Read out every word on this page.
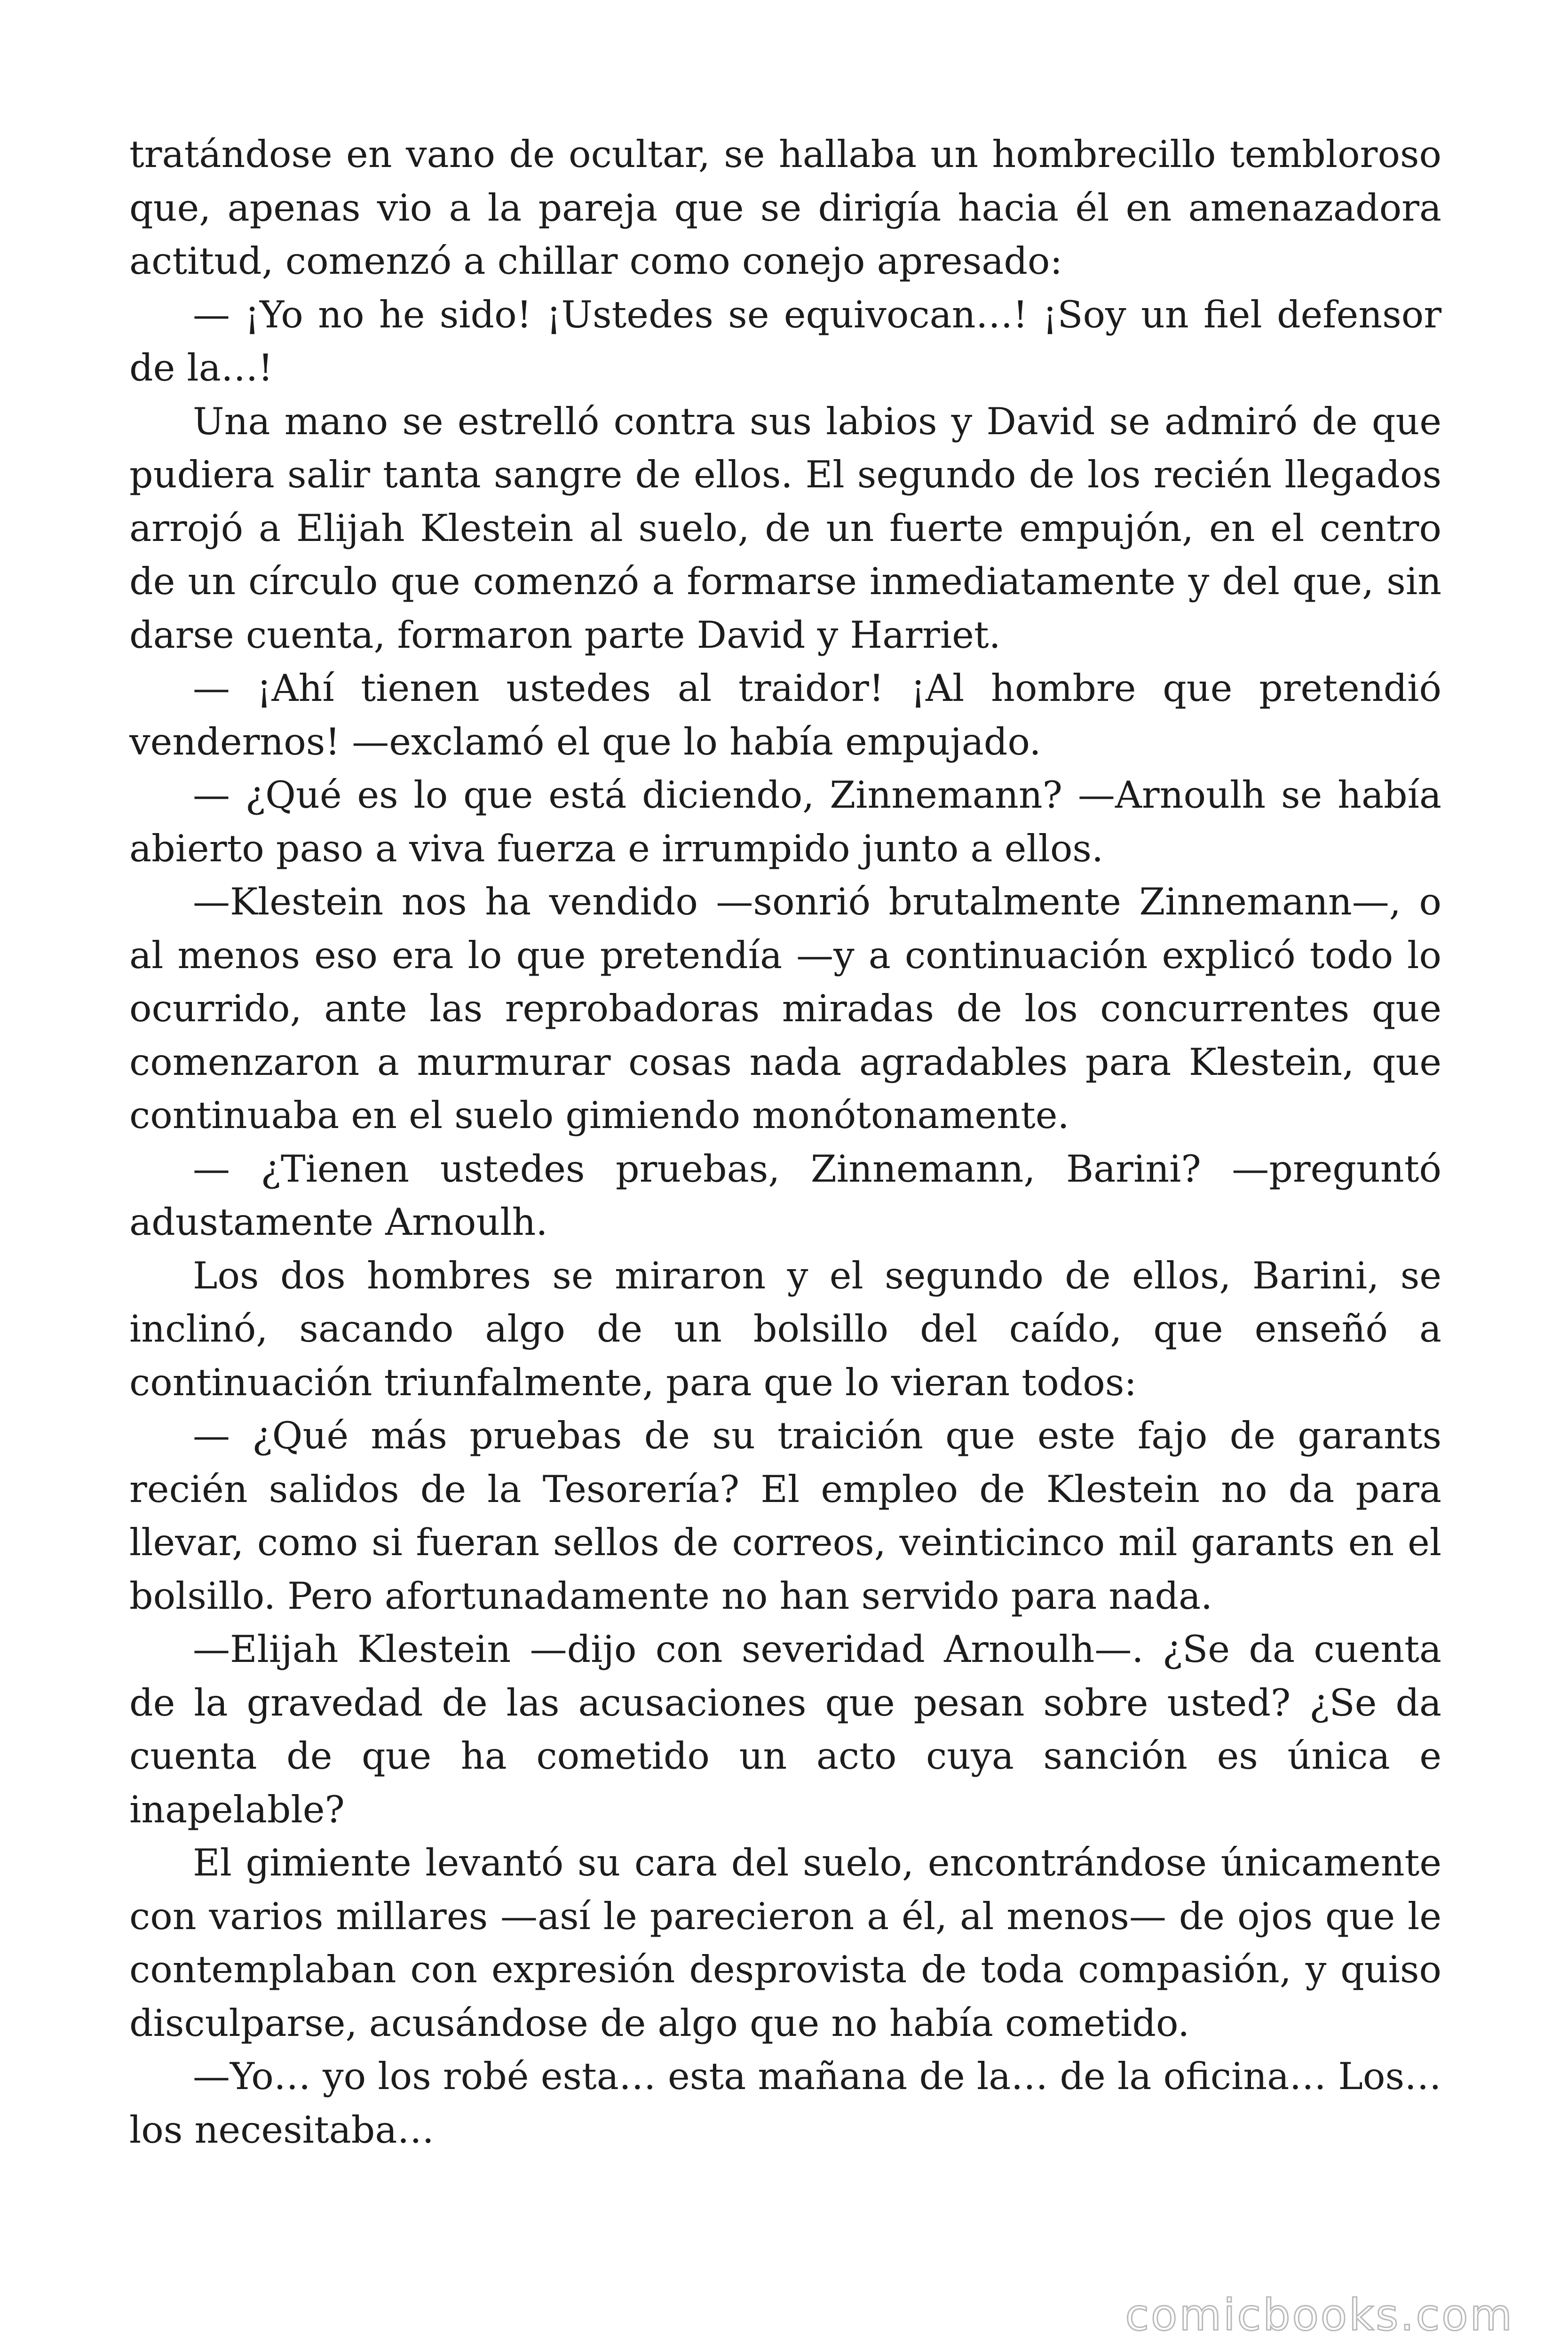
tratándose en vano de ocultar, se hallaba un hombrecillo tembloroso que, apenas vio a la pareja que se dirigía hacia él en amenazadora actitud, comenzó a chillar como conejo apresado:

— ¡Yo no he sido! ¡Ustedes se equivocan…! ¡Soy un fiel defensor de la…!

Una mano se estrelló contra sus labios y David se admiró de que pudiera salir tanta sangre de ellos. El segundo de los recién llegados arrojó a Elijah Klestein al suelo, de un fuerte empujón, en el centro de un círculo que comenzó a formarse inmediatamente y del que, sin darse cuenta, formaron parte David y Harriet.

— ¡Ahí tienen ustedes al traidor! ¡Al hombre que pretendió vendernos! —exclamó el que lo había empujado.

— ¿Qué es lo que está diciendo, Zinnemann? —Arnoulh se había abierto paso a viva fuerza e irrumpido junto a ellos.

—Klestein nos ha vendido —sonrió brutalmente Zinnemann—, o al menos eso era lo que pretendía —y a continuación explicó todo lo ocurrido, ante las reprobadoras miradas de los concurrentes que comenzaron a murmurar cosas nada agradables para Klestein, que continuaba en el suelo gimiendo monótonamente.

— ¿Tienen ustedes pruebas, Zinnemann, Barini? —preguntó adustamente Arnoulh.

Los dos hombres se miraron y el segundo de ellos, Barini, se inclinó, sacando algo de un bolsillo del caído, que enseñó a continuación triunfalmente, para que lo vieran todos:

— ¿Qué más pruebas de su traición que este fajo de garants recién salidos de la Tesorería? El empleo de Klestein no da para llevar, como si fueran sellos de correos, veinticinco mil garants en el bolsillo. Pero afortunadamente no han servido para nada.

—Elijah Klestein —dijo con severidad Arnoulh—. ¿Se da cuenta de la gravedad de las acusaciones que pesan sobre usted? ¿Se da cuenta de que ha cometido un acto cuya sanción es única e inapelable?

El gimiente levantó su cara del suelo, encontrándose únicamente con varios millares —así le parecieron a él, al menos— de ojos que le contemplaban con expresión desprovista de toda compasión, y quiso disculparse, acusándose de algo que no había cometido.

—Yo… yo los robé esta… esta mañana de la… de la oficina… Los… los necesitaba…

comicbooks.com
